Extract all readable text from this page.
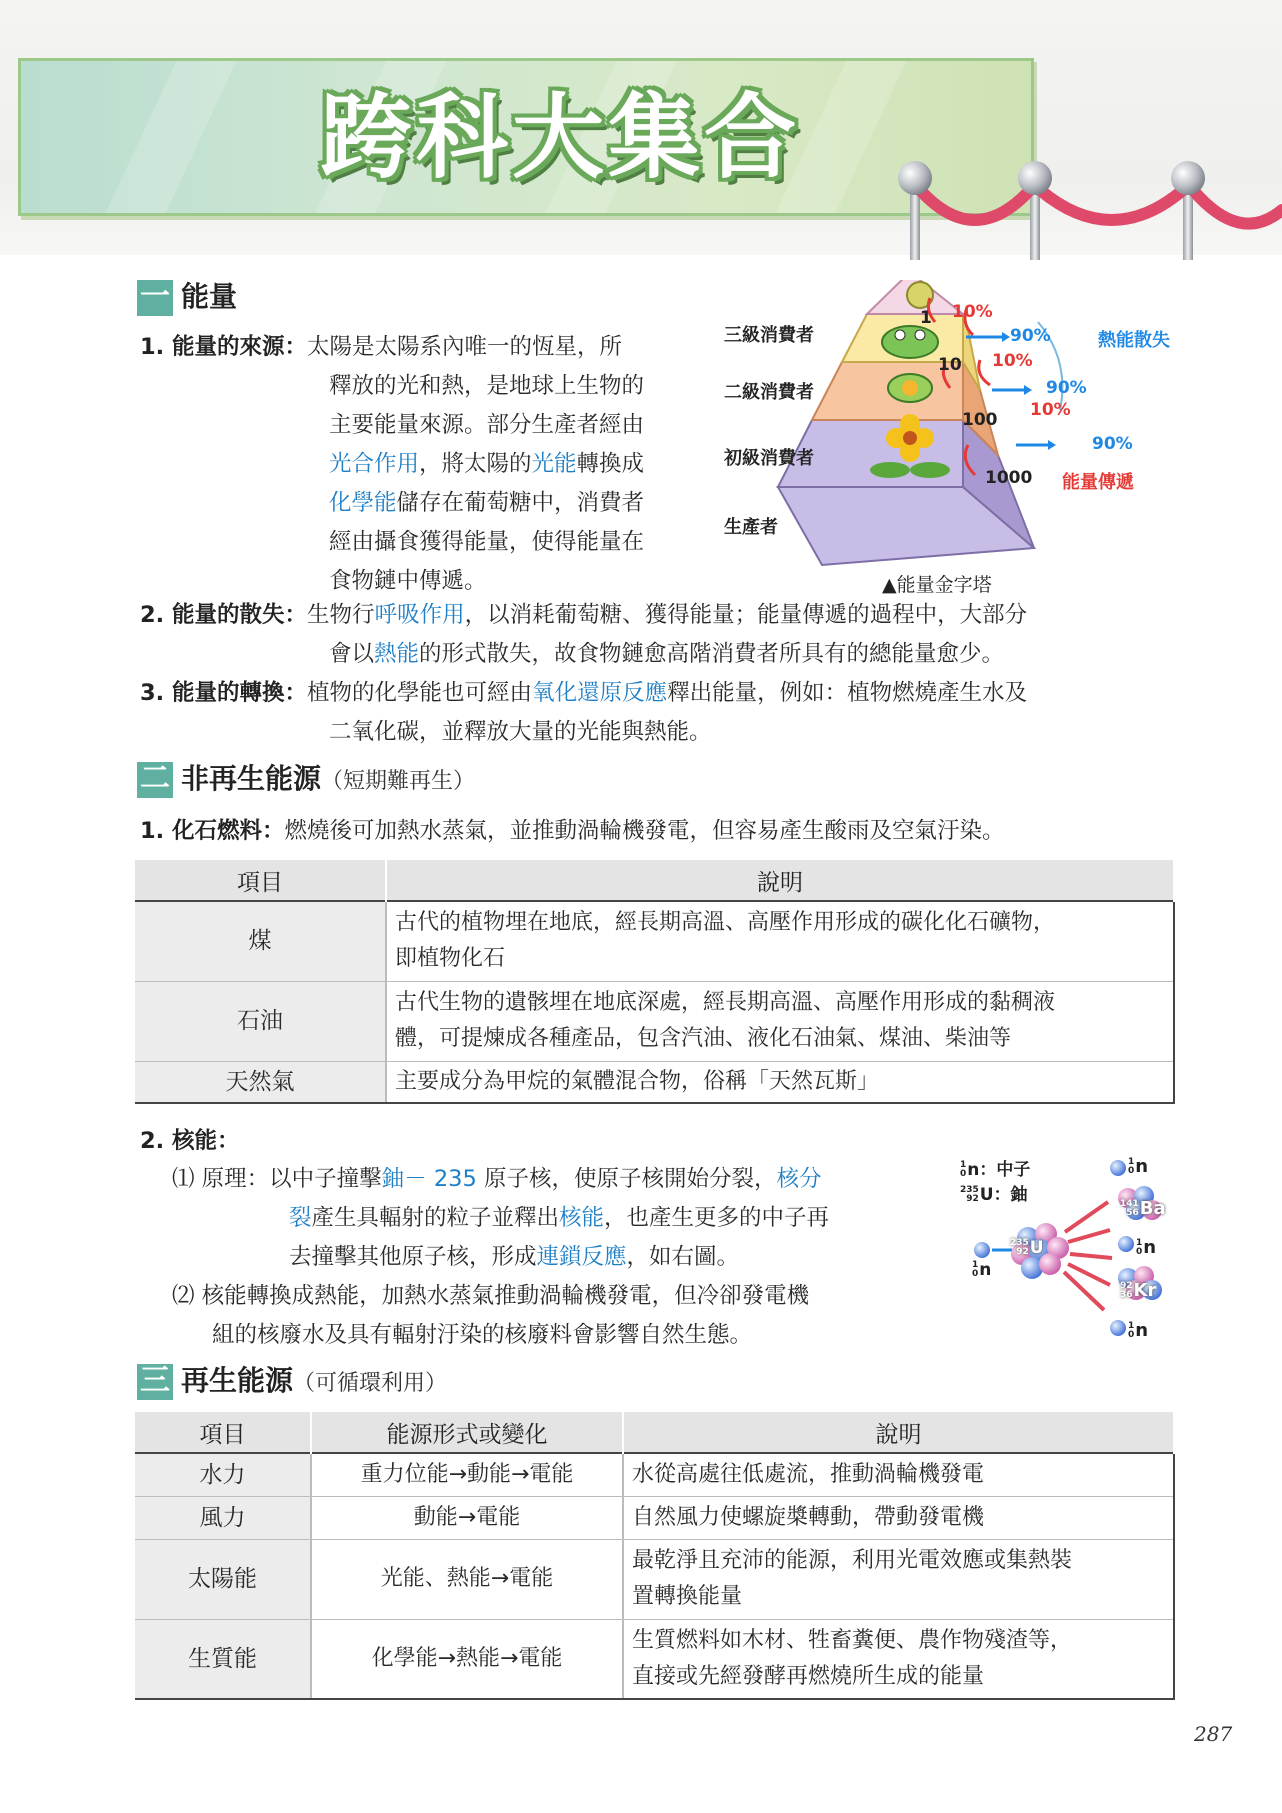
跨科大集合
一 能量
1. 能量的來源：太陽是太陽系內唯一的恆星，所
釋放的光和熱，是地球上生物的
主要能量來源。部分生產者經由
光合作用，將太陽的光能轉換成
化學能儲存在葡萄糖中，消費者
經由攝食獲得能量，使得能量在
食物鏈中傳遞。
三級消費者
二級消費者
初級消費者
生產者
1
10
100
1000
10%
10%
10%
90%
90%
90%
熱能散失
能量傳遞
▲能量金字塔
2. 能量的散失：生物行呼吸作用，以消耗葡萄糖、獲得能量；能量傳遞的過程中，大部分
會以熱能的形式散失，故食物鏈愈高階消費者所具有的總能量愈少。
3. 能量的轉換：植物的化學能也可經由氧化還原反應釋出能量，例如：植物燃燒產生水及
二氧化碳，並釋放大量的光能與熱能。
二 非再生能源（短期難再生）
1. 化石燃料：燃燒後可加熱水蒸氣，並推動渦輪機發電，但容易產生酸雨及空氣汙染。
項目	說明
煤	古代的植物埋在地底，經長期高溫、高壓作用形成的碳化化石礦物，
即植物化石

石油	古代生物的遺骸埋在地底深處，經長期高溫、高壓作用形成的黏稠液
體，可提煉成各種產品，包含汽油、液化石油氣、煤油、柴油等

天然氣	主要成分為甲烷的氣體混合物，俗稱「天然瓦斯」
2. 核能：
⑴ 原理：以中子撞擊鈾－ 235 原子核，使原子核開始分裂，核分
裂產生具輻射的粒子並釋出核能，也產生更多的中子再
去撞擊其他原子核，形成連鎖反應，如右圖。
⑵ 核能轉換成熱能，加熱水蒸氣推動渦輪機發電，但冷卻發電機
組的核廢水及具有輻射汙染的核廢料會影響自然生態。
1
0n：中子
235
92U：鈾
1
0n
141
56Ba
1
0n
235
92U
1
0n
92
36Kr
1
0n
三 再生能源（可循環利用）
項目	能源形式或變化	說明
水力	重力位能→動能→電能	水從高處往低處流，推動渦輪機發電

風力	動能→電能	自然風力使螺旋槳轉動，帶動發電機

太陽能	光能、熱能→電能	最乾淨且充沛的能源，利用光電效應或集熱裝
置轉換能量

生質能	化學能→熱能→電能	生質燃料如木材、牲畜糞便、農作物殘渣等，
直接或先經發酵再燃燒所生成的能量
287
